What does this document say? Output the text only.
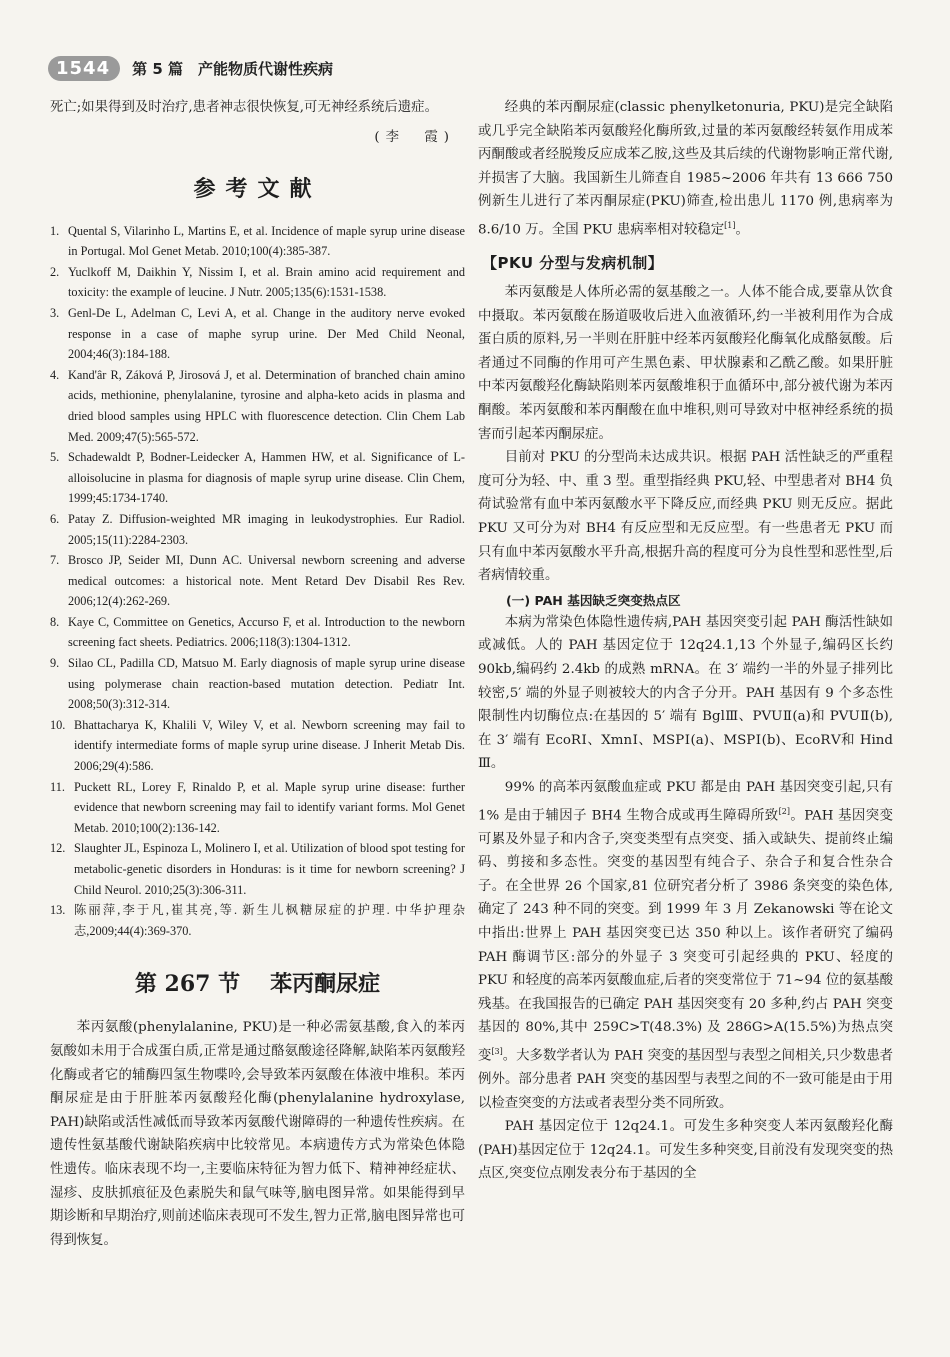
1544	第 5 篇　产能物质代谢性疾病

死亡;如果得到及时治疗,患者神志很快恢复,可无神经系统后遗症。

(李　霞)
参考文献
1. Quental S, Vilarinho L, Martins E, et al. Incidence of maple syrup urine disease in Portugal. Mol Genet Metab. 2010;100(4):385-387.
2. Yuclkoff M, Daikhin Y, Nissim I, et al. Brain amino acid requirement and toxicity: the example of leucine. J Nutr. 2005;135(6):1531-1538.
3. Genl-De L, Adelman C, Levi A, et al. Change in the auditory nerve evoked response in a case of maphe syrup urine. Der Med Child Neonal, 2004;46(3):184-188.
4. Kand'âr R, Záková P, Jirosová J, et al. Determination of branched chain amino acids, methionine, phenylalanine, tyrosine and alpha-keto acids in plasma and dried blood samples using HPLC with fluorescence detection. Clin Chem Lab Med. 2009;47(5):565-572.
5. Schadewaldt P, Bodner-Leidecker A, Hammen HW, et al. Significance of L-alloisolucine in plasma for diagnosis of maple syrup urine disease. Clin Chem, 1999;45:1734-1740.
6. Patay Z. Diffusion-weighted MR imaging in leukodystrophies. Eur Radiol. 2005;15(11):2284-2303.
7. Brosco JP, Seider MI, Dunn AC. Universal newborn screening and adverse medical outcomes: a historical note. Ment Retard Dev Disabil Res Rev. 2006;12(4):262-269.
8. Kaye C, Committee on Genetics, Accurso F, et al. Introduction to the newborn screening fact sheets. Pediatrics. 2006;118(3):1304-1312.
9. Silao CL, Padilla CD, Matsuo M. Early diagnosis of maple syrup urine disease using polymerase chain reaction-based mutation detection. Pediatr Int. 2008;50(3):312-314.
10. Bhattacharya K, Khalili V, Wiley V, et al. Newborn screening may fail to identify intermediate forms of maple syrup urine disease. J Inherit Metab Dis. 2006;29(4):586.
11. Puckett RL, Lorey F, Rinaldo P, et al. Maple syrup urine disease: further evidence that newborn screening may fail to identify variant forms. Mol Genet Metab. 2010;100(2):136-142.
12. Slaughter JL, Espinoza L, Molinero I, et al. Utilization of blood spot testing for metabolic-genetic disorders in Honduras: is it time for newborn screening? J Child Neurol. 2010;25(3):306-311.
13. 陈丽萍,李于凡,崔其亮,等. 新生儿枫糖尿症的护理. 中华护理杂志,2009;44(4):369-370.
第 267 节 苯丙酮尿症

苯丙氨酸(phenylalanine, PKU)是一种必需氨基酸,食入的苯丙氨酸如未用于合成蛋白质,正常是通过酪氨酸途径降解,缺陷苯丙氨酸羟化酶或者它的辅酶四氢生物喋呤,会导致苯丙氨酸在体液中堆积。苯丙酮尿症是由于肝脏苯丙氨酸羟化酶(phenylalanine hydroxylase, PAH)缺陷或活性减低而导致苯丙氨酸代谢障碍的一种遗传性疾病。在遗传性氨基酸代谢缺陷疾病中比较常见。本病遗传方式为常染色体隐性遗传。临床表现不均一,主要临床特征为智力低下、精神神经症状、湿疹、皮肤抓痕征及色素脱失和鼠气味等,脑电图异常。如果能得到早期诊断和早期治疗,则前述临床表现可不发生,智力正常,脑电图异常也可得到恢复。

经典的苯丙酮尿症(classic phenylketonuria, PKU)是完全缺陷或几乎完全缺陷苯丙氨酸羟化酶所致,过量的苯丙氨酸经转氨作用成苯丙酮酸或者经脱羧反应成苯乙胺,这些及其后续的代谢物影响正常代谢,并损害了大脑。我国新生儿筛查自 1985~2006 年共有 13 666 750 例新生儿进行了苯丙酮尿症(PKU)筛查,检出患儿 1170 例,患病率为 8.6/10 万。全国 PKU 患病率相对较稳定[1]。

【PKU 分型与发病机制】

苯丙氨酸是人体所必需的氨基酸之一。人体不能合成,要靠从饮食中摄取。苯丙氨酸在肠道吸收后进入血液循环,约一半被利用作为合成蛋白质的原料,另一半则在肝脏中经苯丙氨酸羟化酶氧化成酪氨酸。后者通过不同酶的作用可产生黑色素、甲状腺素和乙酰乙酸。如果肝脏中苯丙氨酸羟化酶缺陷则苯丙氨酸堆积于血循环中,部分被代谢为苯丙酮酸。苯丙氨酸和苯丙酮酸在血中堆积,则可导致对中枢神经系统的损害而引起苯丙酮尿症。

目前对 PKU 的分型尚未达成共识。根据 PAH 活性缺乏的严重程度可分为轻、中、重 3 型。重型指经典 PKU,轻、中型患者对 BH4 负荷试验常有血中苯丙氨酸水平下降反应,而经典 PKU 则无反应。据此 PKU 又可分为对 BH4 有反应型和无反应型。有一些患者无 PKU 而只有血中苯丙氨酸水平升高,根据升高的程度可分为良性型和恶性型,后者病情较重。

(一) PAH 基因缺乏突变热点区

本病为常染色体隐性遗传病,PAH 基因突变引起 PAH 酶活性缺如或减低。人的 PAH 基因定位于 12q24.1,13 个外显子,编码区长约 90kb,编码约 2.4kb 的成熟 mRNA。在 3′ 端约一半的外显子排列比较密,5′ 端的外显子则被较大的内含子分开。PAH 基因有 9 个多态性限制性内切酶位点:在基因的 5′ 端有 BglⅢ、PVUⅡ(a)和 PVUⅡ(b),在 3′ 端有 EcoRⅠ、XmnⅠ、MSPⅠ(a)、MSPⅠ(b)、EcoRⅤ和 Hind Ⅲ。

99% 的高苯丙氨酸血症或 PKU 都是由 PAH 基因突变引起,只有 1% 是由于辅因子 BH4 生物合成或再生障碍所致[2]。PAH 基因突变可累及外显子和内含子,突变类型有点突变、插入或缺失、提前终止编码、剪接和多态性。突变的基因型有纯合子、杂合子和复合性杂合子。在全世界 26 个国家,81 位研究者分析了 3986 条突变的染色体,确定了 243 种不同的突变。到 1999 年 3 月 Zekanowski 等在论文中指出:世界上 PAH 基因突变已达 350 种以上。该作者研究了编码 PAH 酶调节区:部分的外显子 3 突变可引起经典的 PKU、轻度的 PKU 和轻度的高苯丙氨酸血症,后者的突变常位于 71~94 位的氨基酸残基。在我国报告的已确定 PAH 基因突变有 20 多种,约占 PAH 突变基因的 80%,其中 259C>T(48.3%) 及 286G>A(15.5%)为热点突变[3]。大多数学者认为 PAH 突变的基因型与表型之间相关,只少数患者例外。部分患者 PAH 突变的基因型与表型之间的不一致可能是由于用以检查突变的方法或者表型分类不同所致。

PAH 基因定位于 12q24.1。可发生多种突变人苯丙氨酸羟化酶(PAH)基因定位于 12q24.1。可发生多种突变,目前没有发现突变的热点区,突变位点刚发表分布于基因的全
